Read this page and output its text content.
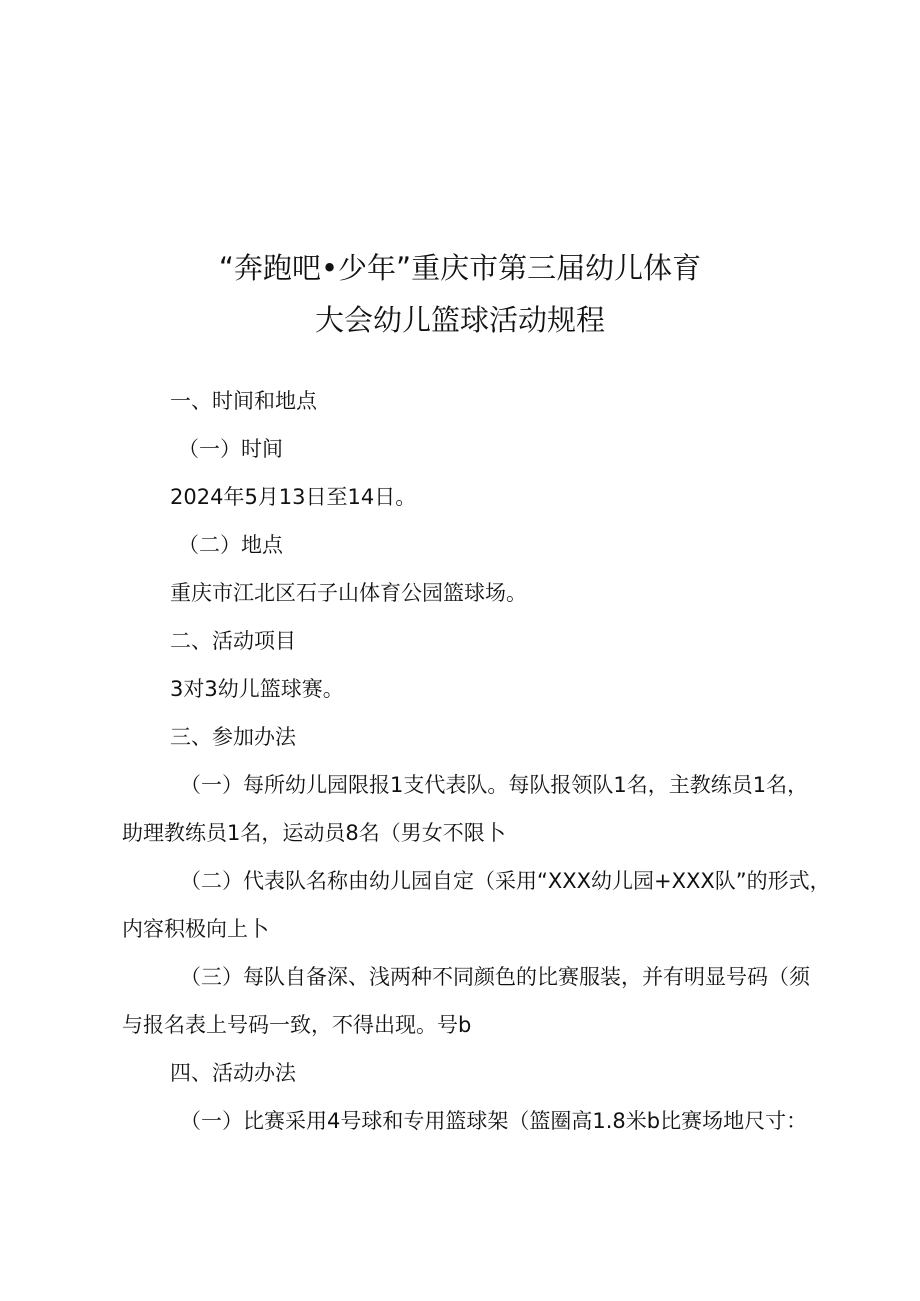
“奔跑吧•少年”重庆市第三届幼儿体育
大会幼儿篮球活动规程
一、时间和地点
（一）时间
2024年5月13日至14日。
（二）地点
重庆市江北区石子山体育公园篮球场。
二、活动项目
3对3幼儿篮球赛。
三、参加办法
（一）每所幼儿园限报1支代表队。每队报领队1名，主教练员1名，
助理教练员1名，运动员8名（男女不限卜
（二）代表队名称由幼儿园自定（采用“XXX幼儿园+XXX队”的形式，
内容积极向上卜
（三）每队自备深、浅两种不同颜色的比赛服装，并有明显号码（须
与报名表上号码一致，不得出现。号b
四、活动办法
（一）比赛采用4号球和专用篮球架（篮圈高1.8米b比赛场地尺寸：
